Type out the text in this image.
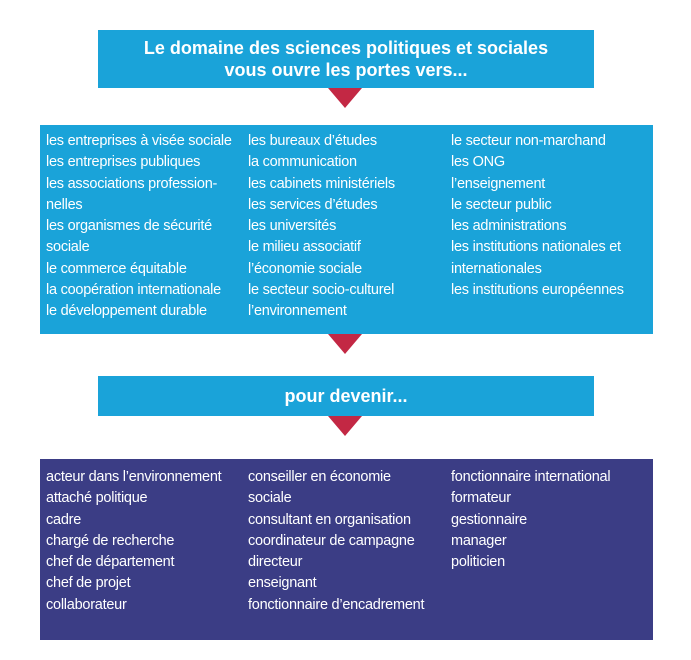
Le domaine des sciences politiques et sociales
vous ouvre les portes vers...
les entreprises à visée sociale
les entreprises publiques
les associations profession-
nelles
les organismes de sécurité
sociale
le commerce équitable
la coopération internationale
le développement durable
les bureaux d’études
la communication
les cabinets ministériels
les services d’études
les universités
le milieu associatif
l’économie sociale
le secteur socio-culturel
l’environnement
le secteur non-marchand
les ONG
l’enseignement
le secteur public
les administrations
les institutions nationales et
internationales
les institutions européennes
pour devenir...
acteur dans l’environnement
attaché politique
cadre
chargé de recherche
chef de département
chef de projet
collaborateur
conseiller en économie
sociale
consultant en organisation
coordinateur de campagne
directeur
enseignant
fonctionnaire d’encadrement
fonctionnaire international
formateur
gestionnaire
manager
politicien
